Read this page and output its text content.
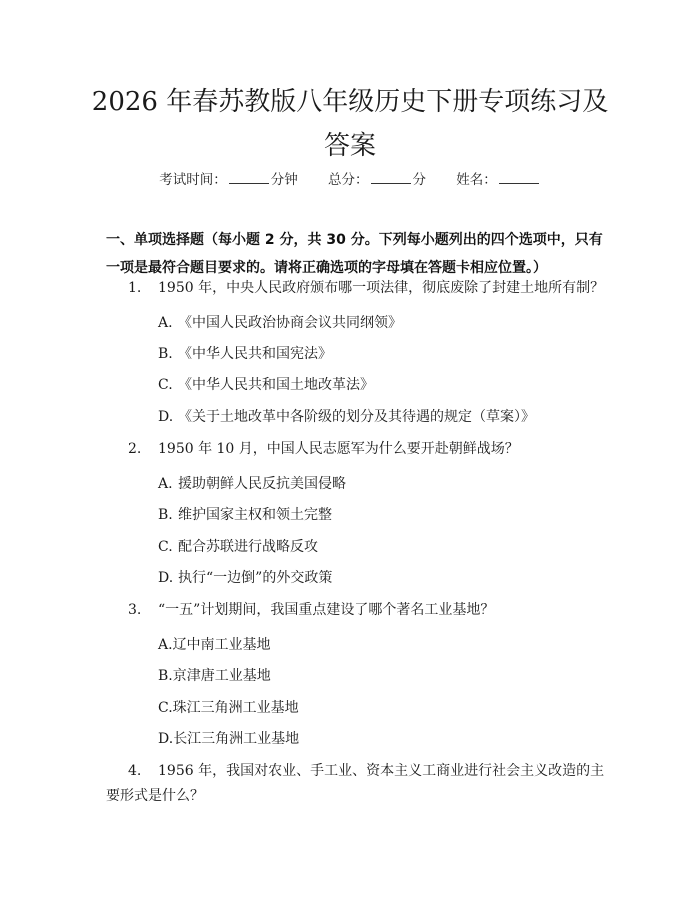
2026 年春苏教版八年级历史下册专项练习及
答案
考试时间：	分钟 总分：	分 姓名：
一、单项选择题（每小题 2 分，共 30 分。下列每小题列出的四个选项中，只有一项是最符合题目要求的。请将正确选项的字母填在答题卡相应位置。）
1. 1950 年，中央人民政府颁布哪一项法律，彻底废除了封建土地所有制？
A. 《中国人民政治协商会议共同纲领》
B. 《中华人民共和国宪法》
C. 《中华人民共和国土地改革法》
D. 《关于土地改革中各阶级的划分及其待遇的规定（草案）》
2. 1950 年 10 月，中国人民志愿军为什么要开赴朝鲜战场？
A. 援助朝鲜人民反抗美国侵略
B. 维护国家主权和领土完整
C. 配合苏联进行战略反攻
D. 执行“一边倒”的外交政策
3. “一五”计划期间，我国重点建设了哪个著名工业基地？
A.辽中南工业基地
B.京津唐工业基地
C.珠江三角洲工业基地
D.长江三角洲工业基地
4. 1956 年，我国对农业、手工业、资本主义工商业进行社会主义改造的主要形式是什么？
